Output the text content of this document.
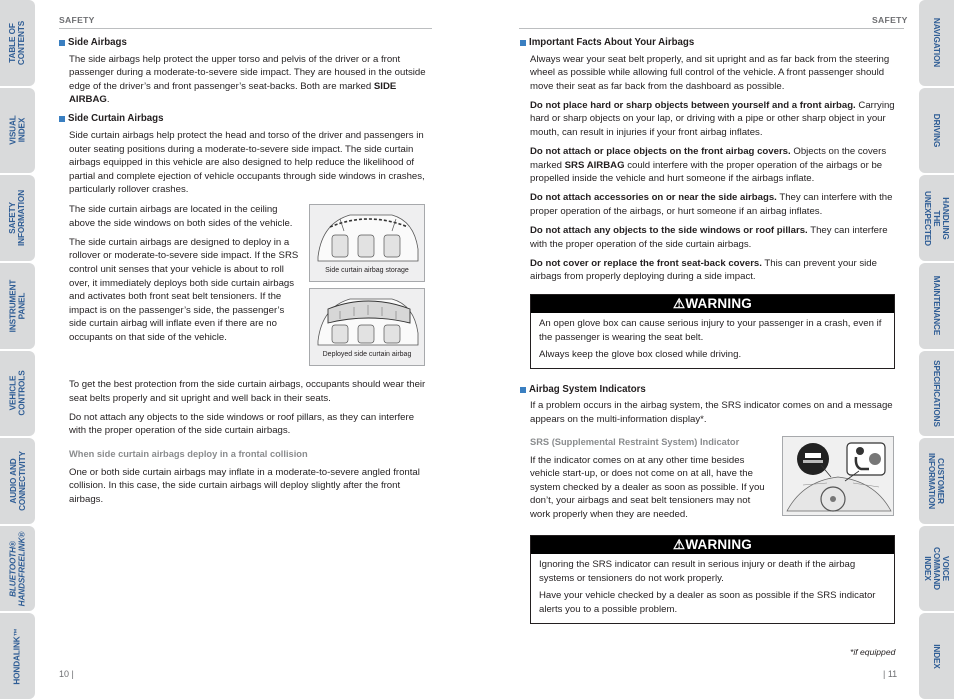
TABLE OF CONTENTS
VISUAL INDEX
SAFETY
INFORMATION
INSTRUMENT PANEL
VEHICLE
CONTROLS
AUDIO AND
CONNECTIVITY
BLUETOOTH®
HANDSFREELINK®
HONDALINK™
NAVIGATION
DRIVING
HANDLING THE
UNEXPECTED
MAINTENANCE
SPECIFICATIONS
CUSTOMER
INFORMATION
VOICE COMMAND
INDEX
INDEX
SAFETY	SAFETY
Side Airbags

The side airbags help protect the upper torso and pelvis of the driver or a front passenger during a moderate-to-severe side impact. They are housed in the outside edge of the driver’s and front passenger’s seat-backs. Both are marked SIDE AIRBAG.

Side Curtain Airbags

Side curtain airbags help protect the head and torso of the driver and passengers in outer seating positions during a moderate-to-severe side impact. The side curtain airbags equipped in this vehicle are also designed to help reduce the likelihood of partial and complete ejection of vehicle occupants through side windows in crashes, particularly rollover crashes.

The side curtain airbags are located in the ceiling above the side windows on both sides of the vehicle.

The side curtain airbags are designed to deploy in a rollover or moderate-to-severe side impact. If the SRS control unit senses that your vehicle is about to roll over, it immediately deploys both side curtain airbags and activates both front seat belt tensioners. If the impact is on the passenger’s side, the passenger’s side curtain airbag will inflate even if there are no occupants on that side of the vehicle.

Side curtain airbag storage
Deployed side curtain airbag

To get the best protection from the side curtain airbags, occupants should wear their seat belts properly and sit upright and well back in their seats.

Do not attach any objects to the side windows or roof pillars, as they can interfere with the proper operation of the side curtain airbags.

When side curtain airbags deploy in a frontal collision

One or both side curtain airbags may inflate in a moderate-to-severe angled frontal collision. In this case, the side curtain airbags will deploy slightly after the front airbags.

Important Facts About Your Airbags

Always wear your seat belt properly, and sit upright and as far back from the steering wheel as possible while allowing full control of the vehicle. A front passenger should move their seat as far back from the dashboard as possible.

Do not place hard or sharp objects between yourself and a front airbag. Carrying hard or sharp objects on your lap, or driving with a pipe or other sharp object in your mouth, can result in injuries if your front airbag inflates.

Do not attach or place objects on the front airbag covers. Objects on the covers marked SRS AIRBAG could interfere with the proper operation of the airbags or be propelled inside the vehicle and hurt someone if the airbags inflate.

Do not attach accessories on or near the side airbags. They can interfere with the proper operation of the airbags, or hurt someone if an airbag inflates.

Do not attach any objects to the side windows or roof pillars. They can interfere with the proper operation of the side curtain airbags.

Do not cover or replace the front seat-back covers. This can prevent your side airbags from properly deploying during a side impact.

⚠WARNING

An open glove box can cause serious injury to your passenger in a crash, even if the passenger is wearing the seat belt.

Always keep the glove box closed while driving.

Airbag System Indicators

If a problem occurs in the airbag system, the SRS indicator comes on and a message appears on the multi-information display*.

SRS (Supplemental Restraint System) Indicator

If the indicator comes on at any other time besides vehicle start-up, or does not come on at all, have the system checked by a dealer as soon as possible. If you don’t, your airbags and seat belt tensioners may not work properly when they are needed.

⚠WARNING

Ignoring the SRS indicator can result in serious injury or death if the airbag systems or tensioners do not work properly.

Have your vehicle checked by a dealer as soon as possible if the SRS indicator alerts you to a possible problem.

*if equipped
10 |	| 11
